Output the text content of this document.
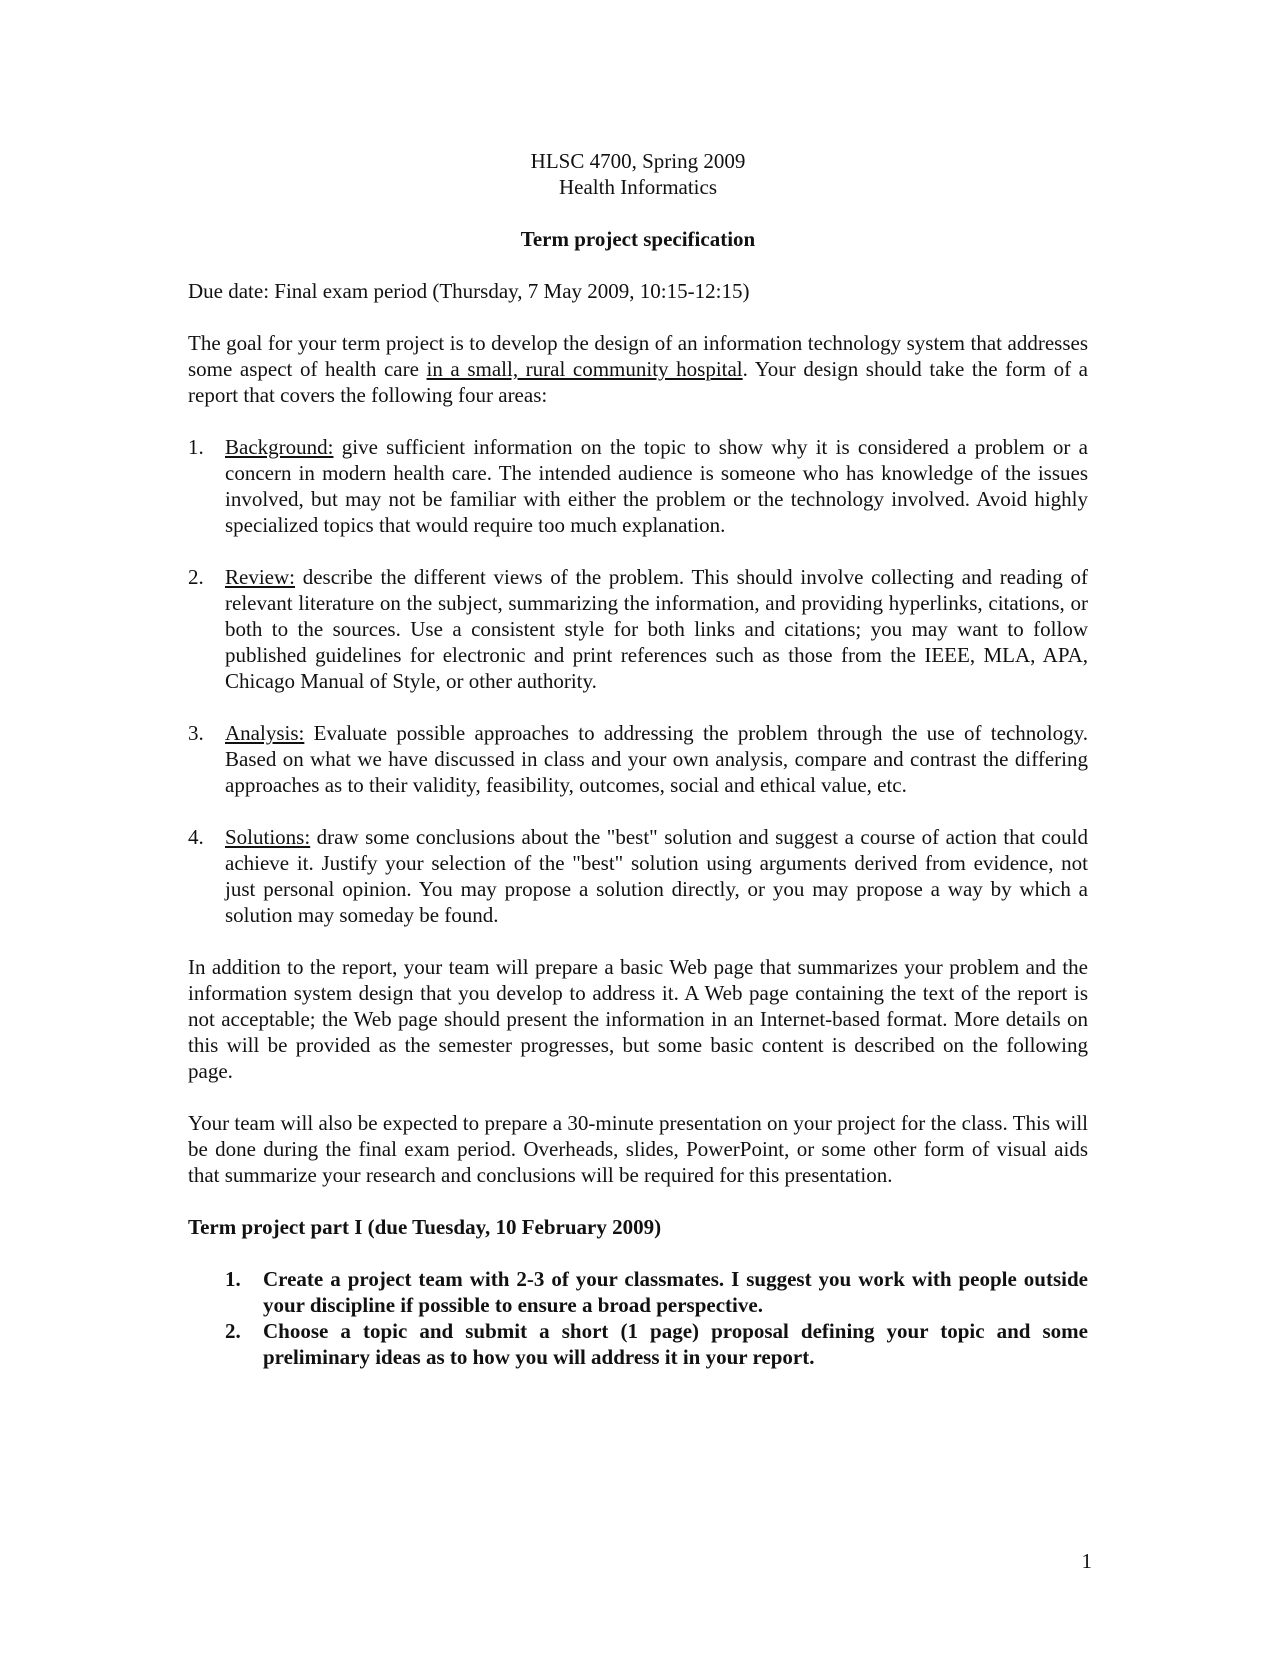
HLSC 4700, Spring 2009
Health Informatics
Term project specification

Due date: Final exam period (Thursday, 7 May 2009, 10:15-12:15)

The goal for your term project is to develop the design of an information technology system that addresses some aspect of health care in a small, rural community hospital. Your design should take the form of a report that covers the following four areas:

1. Background: give sufficient information on the topic to show why it is considered a problem or a concern in modern health care. The intended audience is someone who has knowledge of the issues involved, but may not be familiar with either the problem or the technology involved. Avoid highly specialized topics that would require too much explanation.
2. Review: describe the different views of the problem. This should involve collecting and reading of relevant literature on the subject, summarizing the information, and providing hyperlinks, citations, or both to the sources. Use a consistent style for both links and citations; you may want to follow published guidelines for electronic and print references such as those from the IEEE, MLA, APA, Chicago Manual of Style, or other authority.
3. Analysis: Evaluate possible approaches to addressing the problem through the use of technology. Based on what we have discussed in class and your own analysis, compare and contrast the differing approaches as to their validity, feasibility, outcomes, social and ethical value, etc.
4. Solutions: draw some conclusions about the "best" solution and suggest a course of action that could achieve it. Justify your selection of the "best" solution using arguments derived from evidence, not just personal opinion. You may propose a solution directly, or you may propose a way by which a solution may someday be found.

In addition to the report, your team will prepare a basic Web page that summarizes your problem and the information system design that you develop to address it. A Web page containing the text of the report is not acceptable; the Web page should present the information in an Internet-based format. More details on this will be provided as the semester progresses, but some basic content is described on the following page.

Your team will also be expected to prepare a 30-minute presentation on your project for the class. This will be done during the final exam period. Overheads, slides, PowerPoint, or some other form of visual aids that summarize your research and conclusions will be required for this presentation.

Term project part I (due Tuesday, 10 February 2009)
1. Create a project team with 2-3 of your classmates. I suggest you work with people outside your discipline if possible to ensure a broad perspective.
2. Choose a topic and submit a short (1 page) proposal defining your topic and some preliminary ideas as to how you will address it in your report.
1
